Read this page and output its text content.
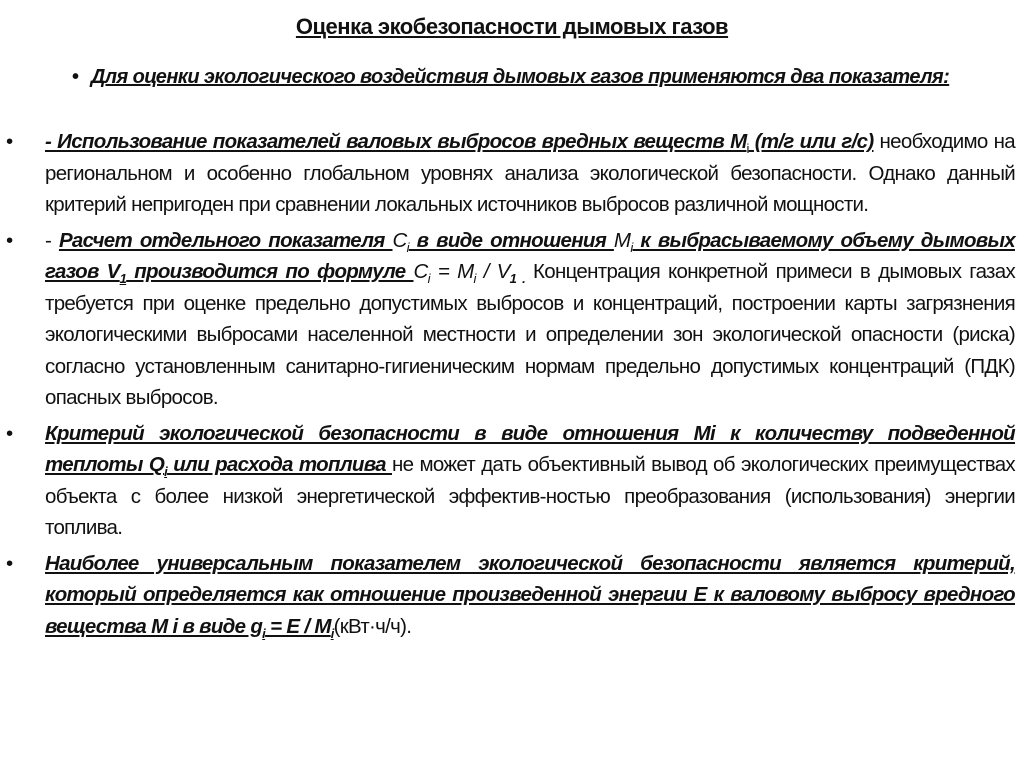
Оценка экобезопасности дымовых газов
• Для оценки экологического воздействия дымовых газов применяются два показателя:
• - Использование показателей валовых выбросов вредных веществ $M_i$ (т/г или г/с) необходимо на региональном и особенно глобальном уровнях анализа экологической безопасности. Однако данный критерий непригоден при сравнении локальных источников выбросов различной мощности.
• - Расчет отдельного показателя $C_i$ в виде отношения $M_i$ к выбрасываемому объему дымовых газов $V_1$ производится по формуле $C_i = M_i / V_{1 .}$ Концентрация конкретной примеси в дымовых газах требуется при оценке предельно допустимых выбросов и концентраций, построении карты загрязнения экологическими выбросами населенной местности и определении зон экологической опасности (риска) согласно установленным санитарно-гигиеническим нормам предельно допустимых концентраций (ПДК) опасных выбросов.
• Критерий экологической безопасности в виде отношения Mi к количеству подведенной теплоты $Q_i$ или расхода топлива не может дать объективный вывод об экологических преимуществах объекта с более низкой энергетической эффектив-ностью преобразования (использования) энергии топлива.
• Наиболее универсальным показателем экологической безопасности является критерий, который определяется как отношение произведенной энергии Е к валовому выбросу вредного вещества М i в виде $g_i = E / M_i(кВт\cdot ч/ч)$.
